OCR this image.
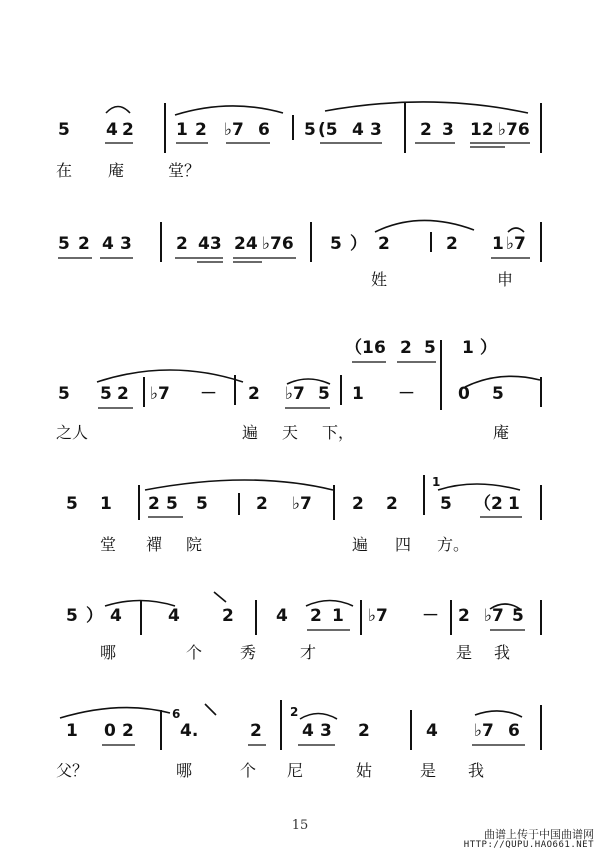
5 4 2 1 2 ♭7 6 5 (5 4 3 2 3 12 ♭76
在 庵	堂？
5 2 4 3	2 43 24 ♭76 5 ） 2	2 1 ♭7
姓	申
（1 6 2 5 1 ）
5 5 2 ♭7 － 2 ♭7 5 1 －	0 5
之人	遍 天 下，	庵
5 1 2 5 5	2 ♭7 2 2 5 （2 1
1
堂 禪 院	遍 四 方。
5 ） 4	4 2 4 2 1 ♭7 － 2 ♭7 5
哪	个 秀	才	是 我
1 0 2	4.	2 4 3 2	4 ♭7 6
6	2
父？	哪	个 尼	姑	是 我
15
曲谱上传于中国曲谱网
HTTP://QUPU.HAO661.NET
